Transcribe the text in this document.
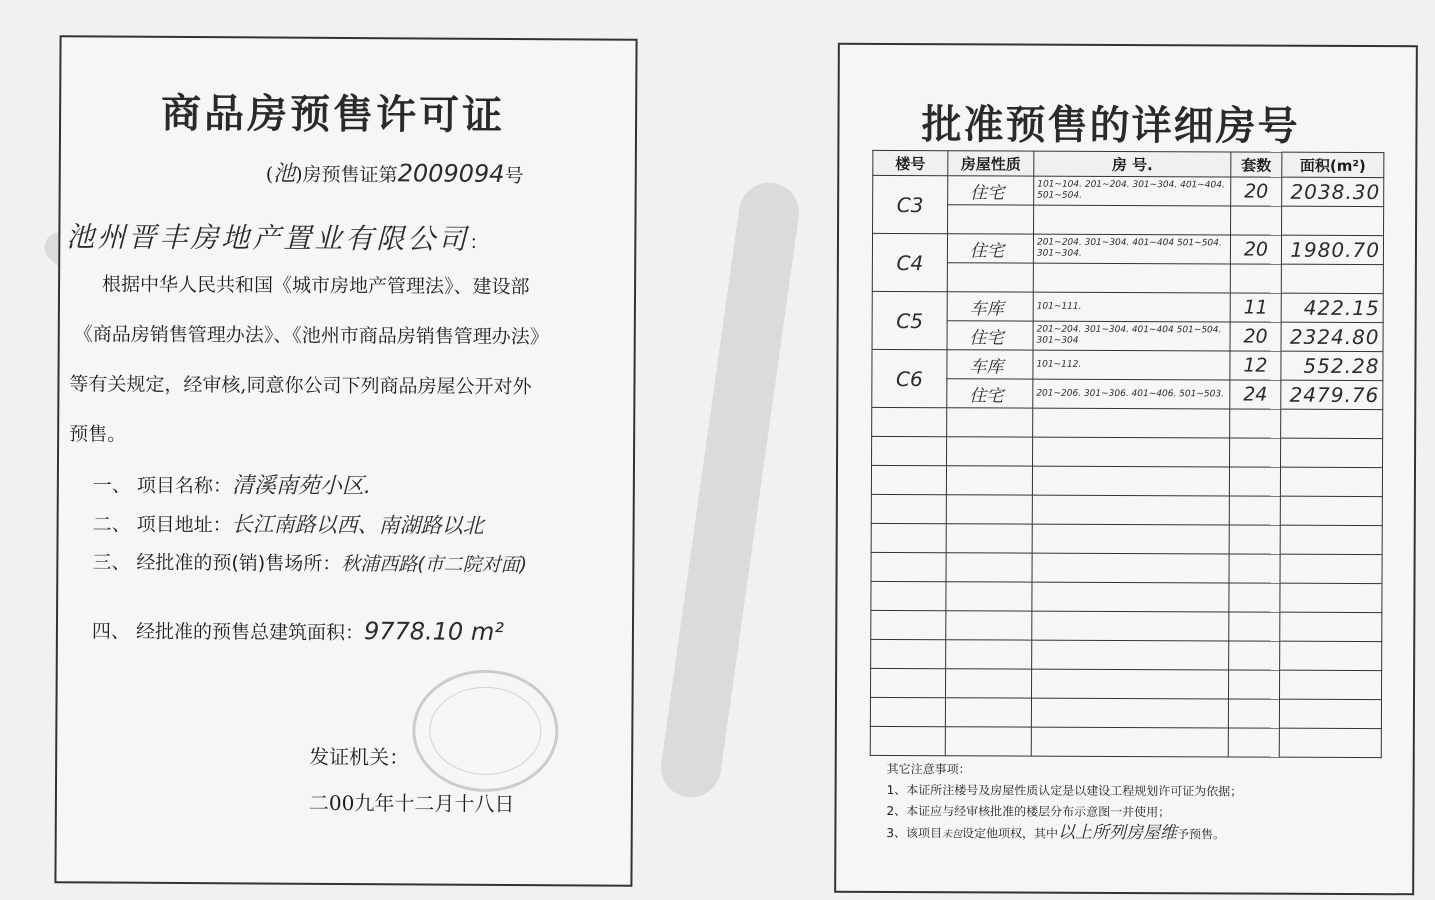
商品房预售许可证
(池)房预售证第2009094号
池州晋丰房地产置业有限公司：
根据中华人民共和国《城市房地产管理法》、建设部
《商品房销售管理办法》、《池州市商品房销售管理办法》
等有关规定，经审核,同意你公司下列商品房屋公开对外
预售。
一、 项目名称：清溪南苑小区.
二、 项目地址：长江南路以西、南湖路以北
三、 经批准的预(销)售场所：秋浦西路(市二院对面)
四、 经批准的预售总建筑面积：9778.10 m²
发证机关：
二00九年十二月十八日
批准预售的详细房号
楼号	房屋性质	房 号.	套数	面积(m²)
C3	住宅	101~104. 201~204. 301~304. 401~404. 501~504.	20	2038.30

C4	住宅	201~204. 301~304. 401~404 501~504. 301~304.	20	1980.70

C5	车库	101~111.	11	422.15
	住宅	201~204. 301~304. 401~404 501~504. 301~304	20	2324.80
C6	车库	101~112.	12	552.28
	住宅	201~206. 301~306. 401~406. 501~503.	24	2479.76

其它注意事项：
1、本证所注楼号及房屋性质认定是以建设工程规划许可证为依据；
2、本证应与经审核批准的楼层分布示意图一并使用；
3、该项目未包设定他项权，其中以上所列房屋维予预售。
